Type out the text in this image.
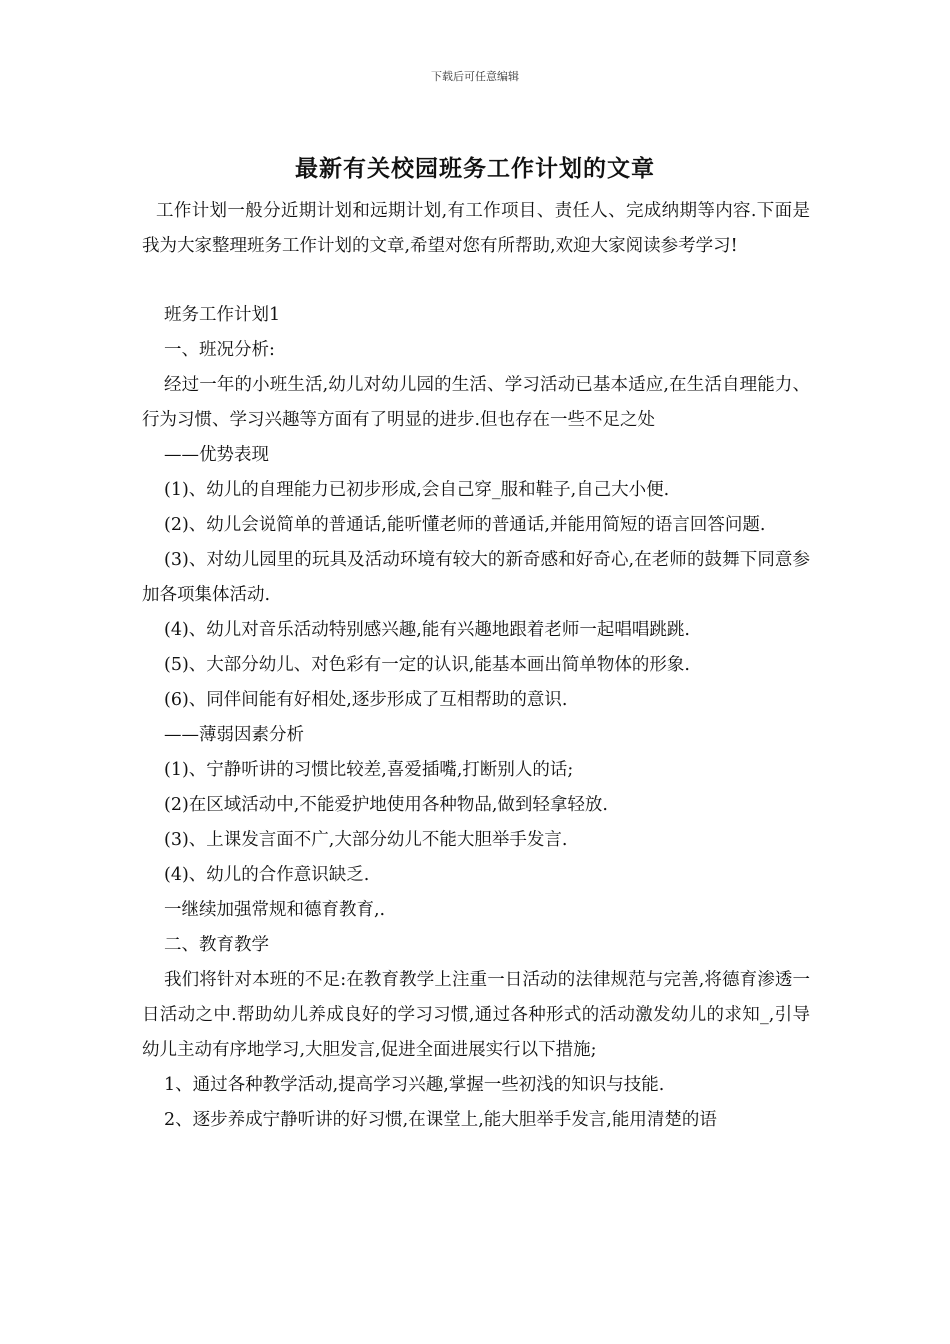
下载后可任意编辑
最新有关校园班务工作计划的文章

工作计划一般分近期计划和远期计划,有工作项目、责任人、完成纳期等内容.下面是我为大家整理班务工作计划的文章,希望对您有所帮助,欢迎大家阅读参考学习!

班务工作计划1

一、班况分析:

经过一年的小班生活,幼儿对幼儿园的生活、学习活动已基本适应,在生活自理能力、行为习惯、学习兴趣等方面有了明显的进步.但也存在一些不足之处

——优势表现

(1)、幼儿的自理能力已初步形成,会自己穿_服和鞋子,自己大小便.

(2)、幼儿会说简单的普通话,能听懂老师的普通话,并能用简短的语言回答问题.

(3)、对幼儿园里的玩具及活动环境有较大的新奇感和好奇心,在老师的鼓舞下同意参加各项集体活动.

(4)、幼儿对音乐活动特别感兴趣,能有兴趣地跟着老师一起唱唱跳跳.

(5)、大部分幼儿、对色彩有一定的认识,能基本画出简单物体的形象.

(6)、同伴间能有好相处,逐步形成了互相帮助的意识.

——薄弱因素分析

(1)、宁静听讲的习惯比较差,喜爱插嘴,打断别人的话;

(2)在区域活动中,不能爱护地使用各种物品,做到轻拿轻放.

(3)、上课发言面不广,大部分幼儿不能大胆举手发言.

(4)、幼儿的合作意识缺乏.

一继续加强常规和德育教育,.

二、教育教学

我们将针对本班的不足:在教育教学上注重一日活动的法律规范与完善,将德育渗透一日活动之中.帮助幼儿养成良好的学习习惯,通过各种形式的活动激发幼儿的求知_,引导幼儿主动有序地学习,大胆发言,促进全面进展实行以下措施;

1、通过各种教学活动,提高学习兴趣,掌握一些初浅的知识与技能.

2、逐步养成宁静听讲的好习惯,在课堂上,能大胆举手发言,能用清楚的语
